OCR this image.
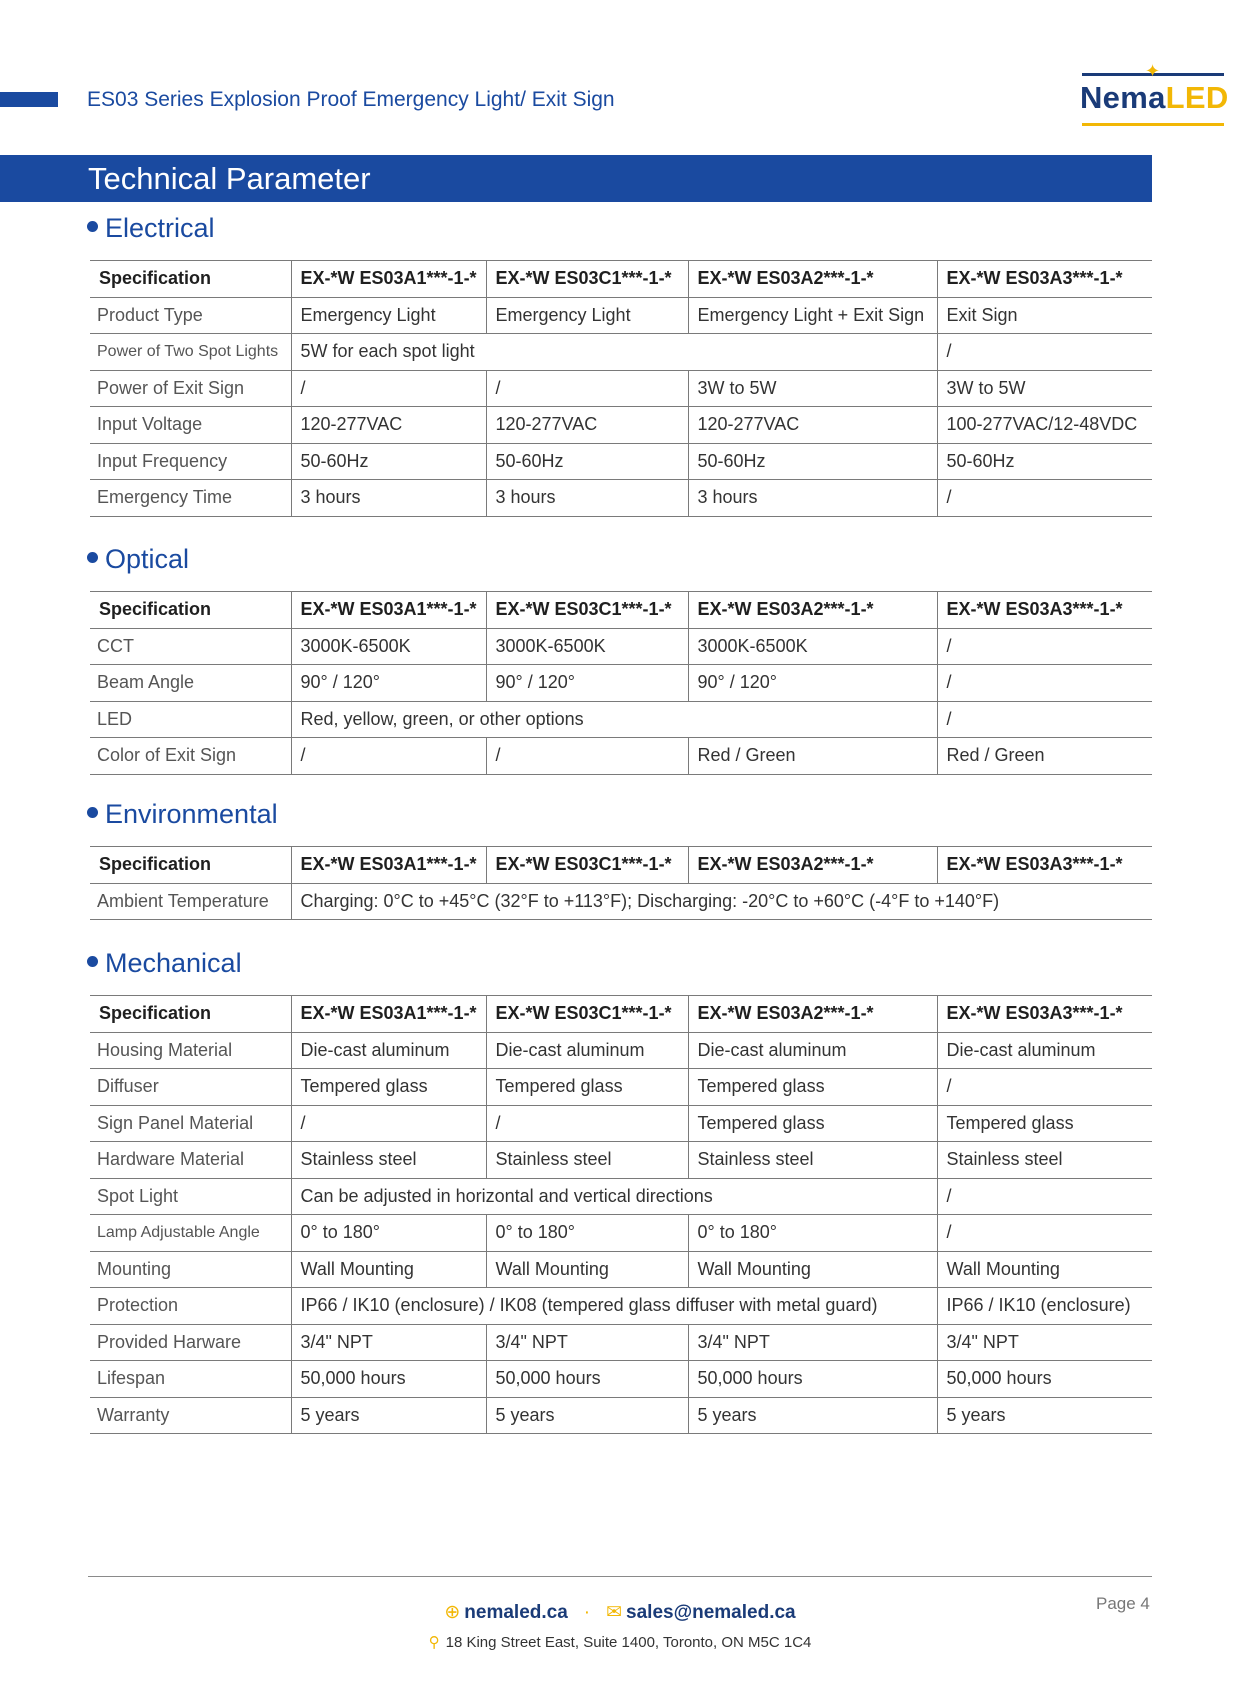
ES03 Series Explosion Proof Emergency Light/ Exit Sign
✦
NemaLED
Technical Parameter
Electrical
Specification	EX-*W ES03A1***-1-*	EX-*W ES03C1***-1-*	EX-*W ES03A2***-1-*	EX-*W ES03A3***-1-*
Product Type	Emergency Light	Emergency Light	Emergency Light + Exit Sign	Exit Sign
Power of Two Spot Lights	5W for each spot light			/
Power of Exit Sign	/	/	3W to 5W	3W to 5W
Input Voltage	120-277VAC	120-277VAC	120-277VAC	100-277VAC/12-48VDC
Input Frequency	50-60Hz	50-60Hz	50-60Hz	50-60Hz
Emergency Time	3 hours	3 hours	3 hours	/
Optical
Specification	EX-*W ES03A1***-1-*	EX-*W ES03C1***-1-*	EX-*W ES03A2***-1-*	EX-*W ES03A3***-1-*
CCT	3000K-6500K	3000K-6500K	3000K-6500K	/
Beam Angle	90° / 120°	90° / 120°	90° / 120°	/
LED	Red, yellow, green, or other options			/
Color of Exit Sign	/	/	Red / Green	Red / Green
Environmental
Specification	EX-*W ES03A1***-1-*	EX-*W ES03C1***-1-*	EX-*W ES03A2***-1-*	EX-*W ES03A3***-1-*
Ambient Temperature	Charging: 0°C to +45°C (32°F to +113°F); Discharging: -20°C to +60°C (-4°F to +140°F)			
Mechanical
Specification	EX-*W ES03A1***-1-*	EX-*W ES03C1***-1-*	EX-*W ES03A2***-1-*	EX-*W ES03A3***-1-*
Housing Material	Die-cast aluminum	Die-cast aluminum	Die-cast aluminum	Die-cast aluminum
Diffuser	Tempered glass	Tempered glass	Tempered glass	/
Sign Panel Material	/	/	Tempered glass	Tempered glass
Hardware Material	Stainless steel	Stainless steel	Stainless steel	Stainless steel
Spot Light	Can be adjusted in horizontal and vertical directions			/
Lamp Adjustable Angle	0° to 180°	0° to 180°	0° to 180°	/
Mounting	Wall Mounting	Wall Mounting	Wall Mounting	Wall Mounting
Protection	IP66 / IK10 (enclosure) / IK08 (tempered glass diffuser with metal guard)			IP66 / IK10 (enclosure)
Provided Harware	3/4" NPT	3/4" NPT	3/4" NPT	3/4" NPT
Lifespan	50,000 hours	50,000 hours	50,000 hours	50,000 hours
Warranty	5 years	5 years	5 years	5 years
Page 4
⊕ nemaled.ca · ✉ sales@nemaled.ca
⚲ 18 King Street East, Suite 1400, Toronto, ON M5C 1C4
